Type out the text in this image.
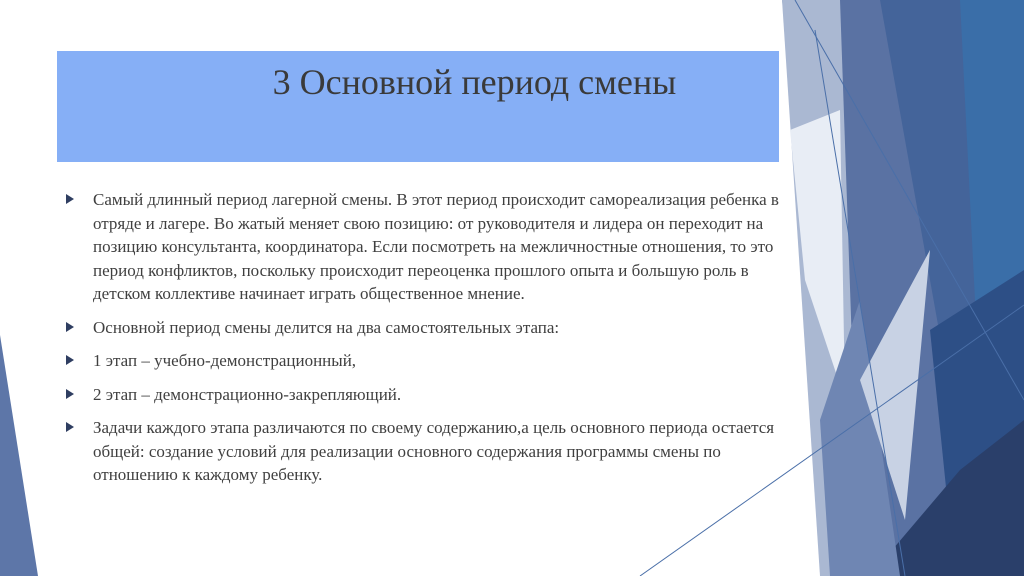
3 Основной период смены
Самый длинный период лагерной смены. В этот период происходит самореализация ребенка в отряде и лагере. Во жатый меняет свою позицию: от руководителя и лидера он переходит на позицию консультанта, координатора. Если посмотреть на межличностные отношения, то это период конфликтов, поскольку происходит переоценка прошлого опыта и большую роль в детском коллективе начинает играть общественное мнение.
Основной период смены делится на два самостоятельных этапа:
1 этап – учебно-демонстрационный,
2 этап – демонстрационно-закрепляющий.
Задачи каждого этапа различаются по своему содержанию,а цель основного периода остается общей: создание условий для реализации основного содержания программы смены по отношению к каждому ребенку.
